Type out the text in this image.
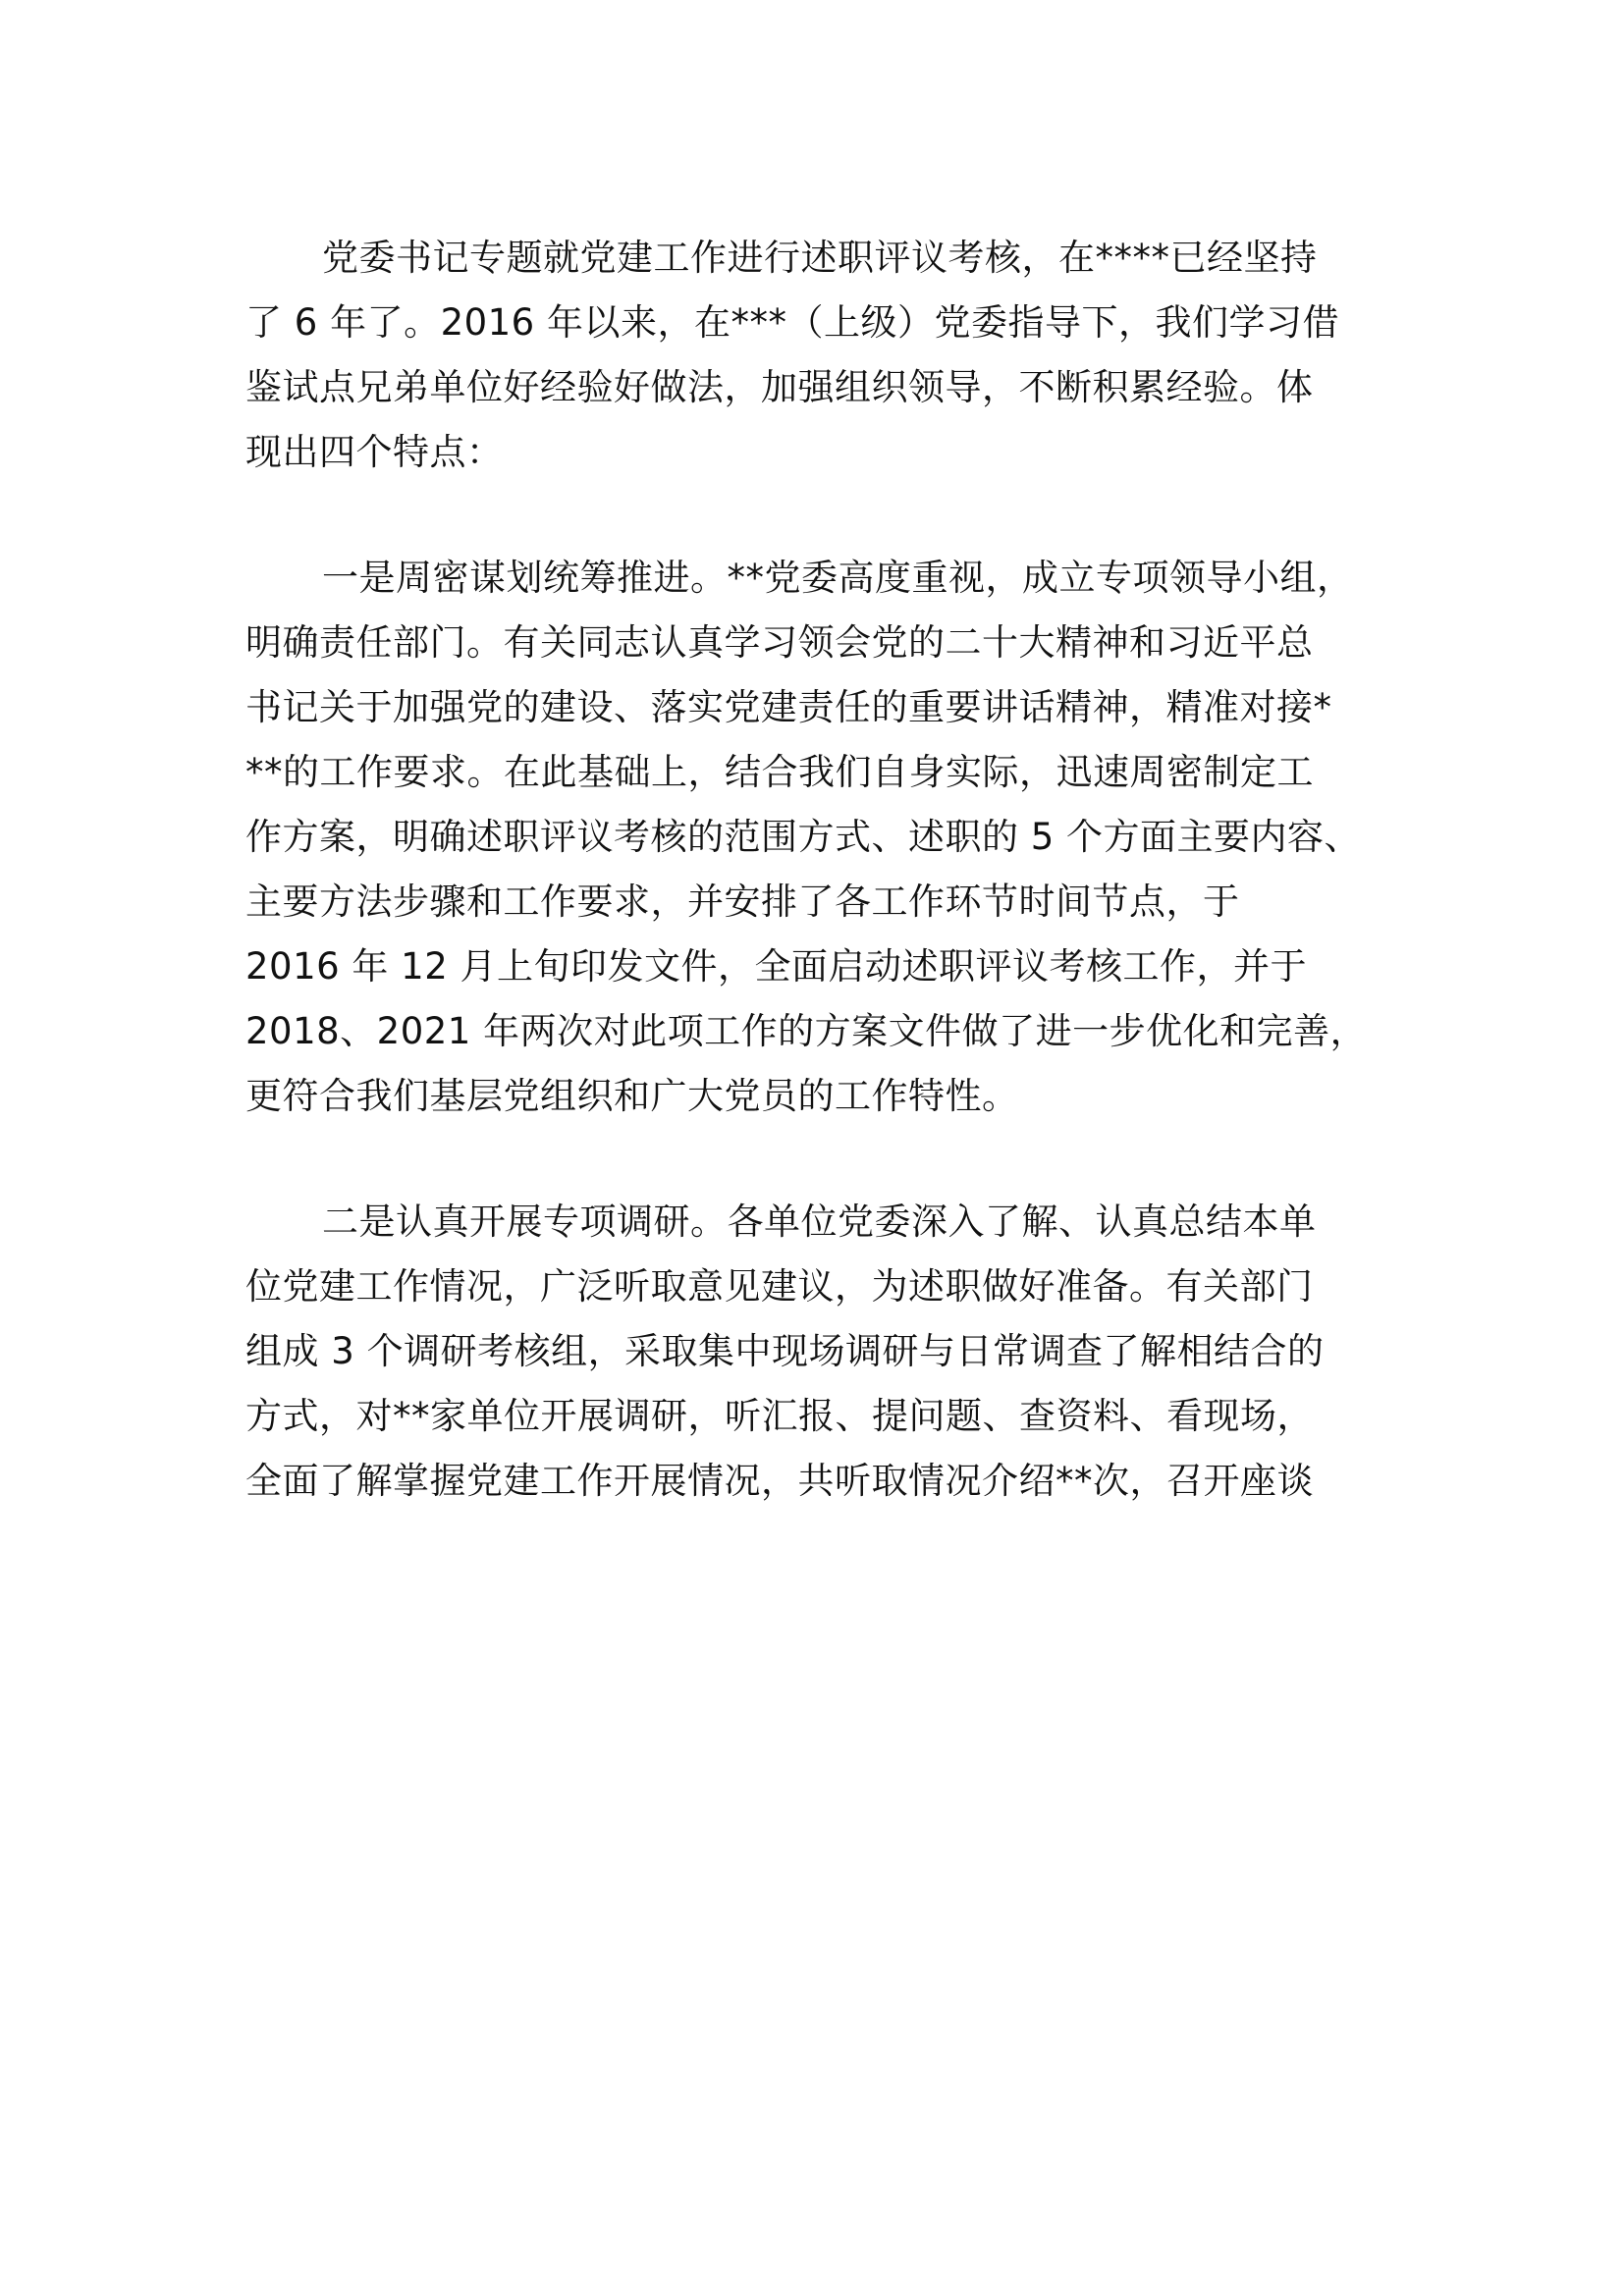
党委书记专题就党建工作进行述职评议考核，在****已经坚持
了 6 年了。2016 年以来，在***（上级）党委指导下，我们学习借
鉴试点兄弟单位好经验好做法，加强组织领导，不断积累经验。体
现出四个特点：

一是周密谋划统筹推进。**党委高度重视，成立专项领导小组，
明确责任部门。有关同志认真学习领会党的二十大精神和习近平总
书记关于加强党的建设、落实党建责任的重要讲话精神，精准对接*
**的工作要求。在此基础上，结合我们自身实际，迅速周密制定工
作方案，明确述职评议考核的范围方式、述职的 5 个方面主要内容、
主要方法步骤和工作要求，并安排了各工作环节时间节点，于
2016 年 12 月上旬印发文件，全面启动述职评议考核工作，并于
2018、2021 年两次对此项工作的方案文件做了进一步优化和完善，
更符合我们基层党组织和广大党员的工作特性。

二是认真开展专项调研。各单位党委深入了解、认真总结本单
位党建工作情况，广泛听取意见建议，为述职做好准备。有关部门
组成 3 个调研考核组，采取集中现场调研与日常调查了解相结合的
方式，对**家单位开展调研，听汇报、提问题、查资料、看现场，
全面了解掌握党建工作开展情况，共听取情况介绍**次，召开座谈
